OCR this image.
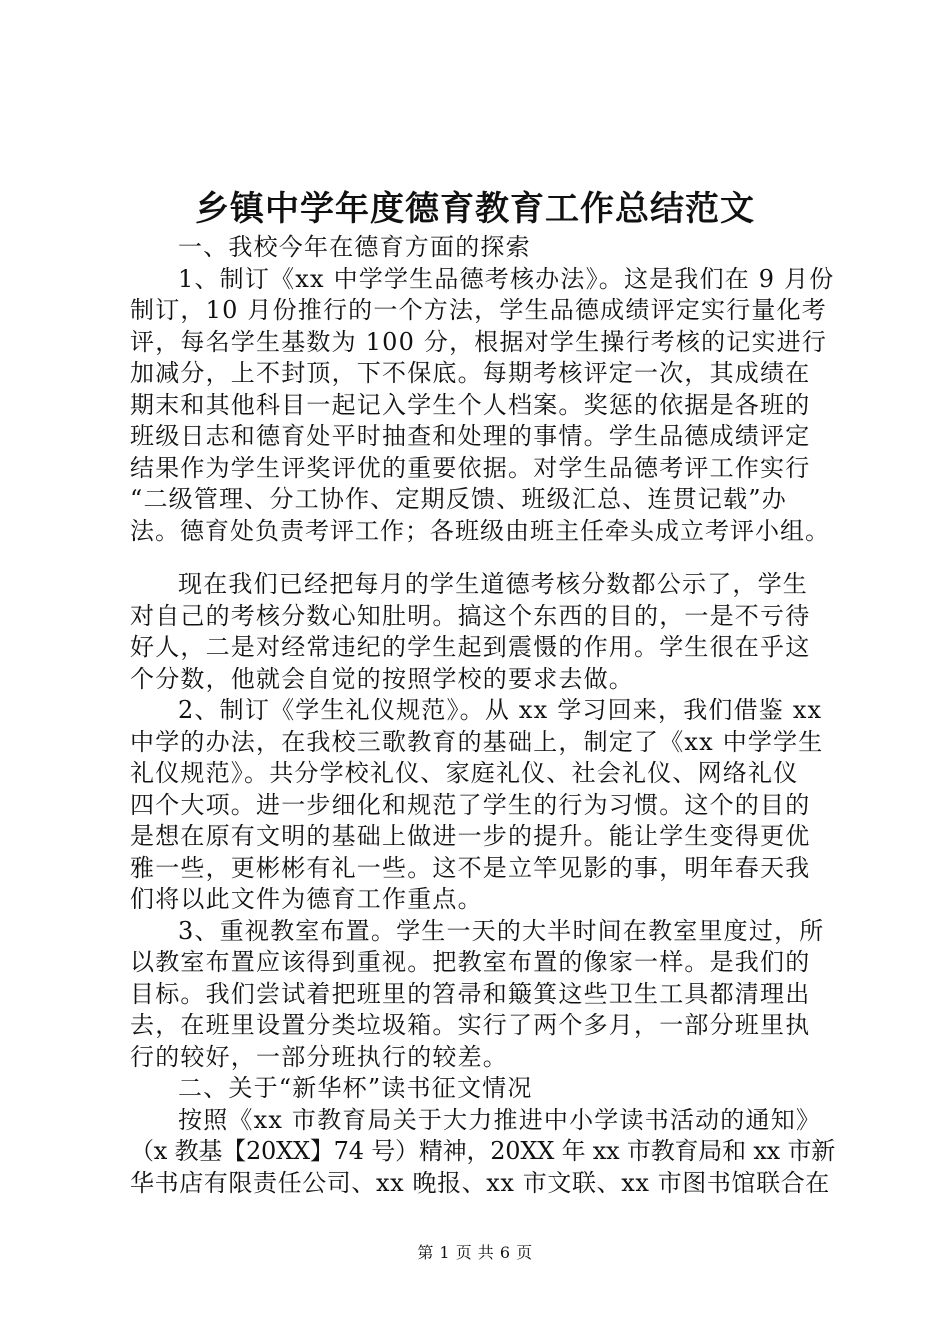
乡镇中学年度德育教育工作总结范文
一、我校今年在德育方面的探索
1、制订《xx 中学学生品德考核办法》。这是我们在 9 月份
制订，10 月份推行的一个方法，学生品德成绩评定实行量化考
评，每名学生基数为 100 分，根据对学生操行考核的记实进行
加减分，上不封顶，下不保底。每期考核评定一次，其成绩在
期末和其他科目一起记入学生个人档案。奖惩的依据是各班的
班级日志和德育处平时抽查和处理的事情。学生品德成绩评定
结果作为学生评奖评优的重要依据。对学生品德考评工作实行
“二级管理、分工协作、定期反馈、班级汇总、连贯记载”办
法。德育处负责考评工作；各班级由班主任牵头成立考评小组。
现在我们已经把每月的学生道德考核分数都公示了，学生
对自己的考核分数心知肚明。搞这个东西的目的，一是不亏待
好人，二是对经常违纪的学生起到震慑的作用。学生很在乎这
个分数，他就会自觉的按照学校的要求去做。
2、制订《学生礼仪规范》。从 xx 学习回来，我们借鉴 xx
中学的办法，在我校三歌教育的基础上，制定了《xx 中学学生
礼仪规范》。共分学校礼仪、家庭礼仪、社会礼仪、网络礼仪
四个大项。进一步细化和规范了学生的行为习惯。这个的目的
是想在原有文明的基础上做进一步的提升。能让学生变得更优
雅一些，更彬彬有礼一些。这不是立竿见影的事，明年春天我
们将以此文件为德育工作重点。
3、重视教室布置。学生一天的大半时间在教室里度过，所
以教室布置应该得到重视。把教室布置的像家一样。是我们的
目标。我们尝试着把班里的笤帚和簸箕这些卫生工具都清理出
去，在班里设置分类垃圾箱。实行了两个多月，一部分班里执
行的较好，一部分班执行的较差。
二、关于“新华杯”读书征文情况
按照《xx 市教育局关于大力推进中小学读书活动的通知》
（x 教基【20XX】74 号）精神，20XX 年 xx 市教育局和 xx 市新
华书店有限责任公司、xx 晚报、xx 市文联、xx 市图书馆联合在
第 1 页 共 6 页
